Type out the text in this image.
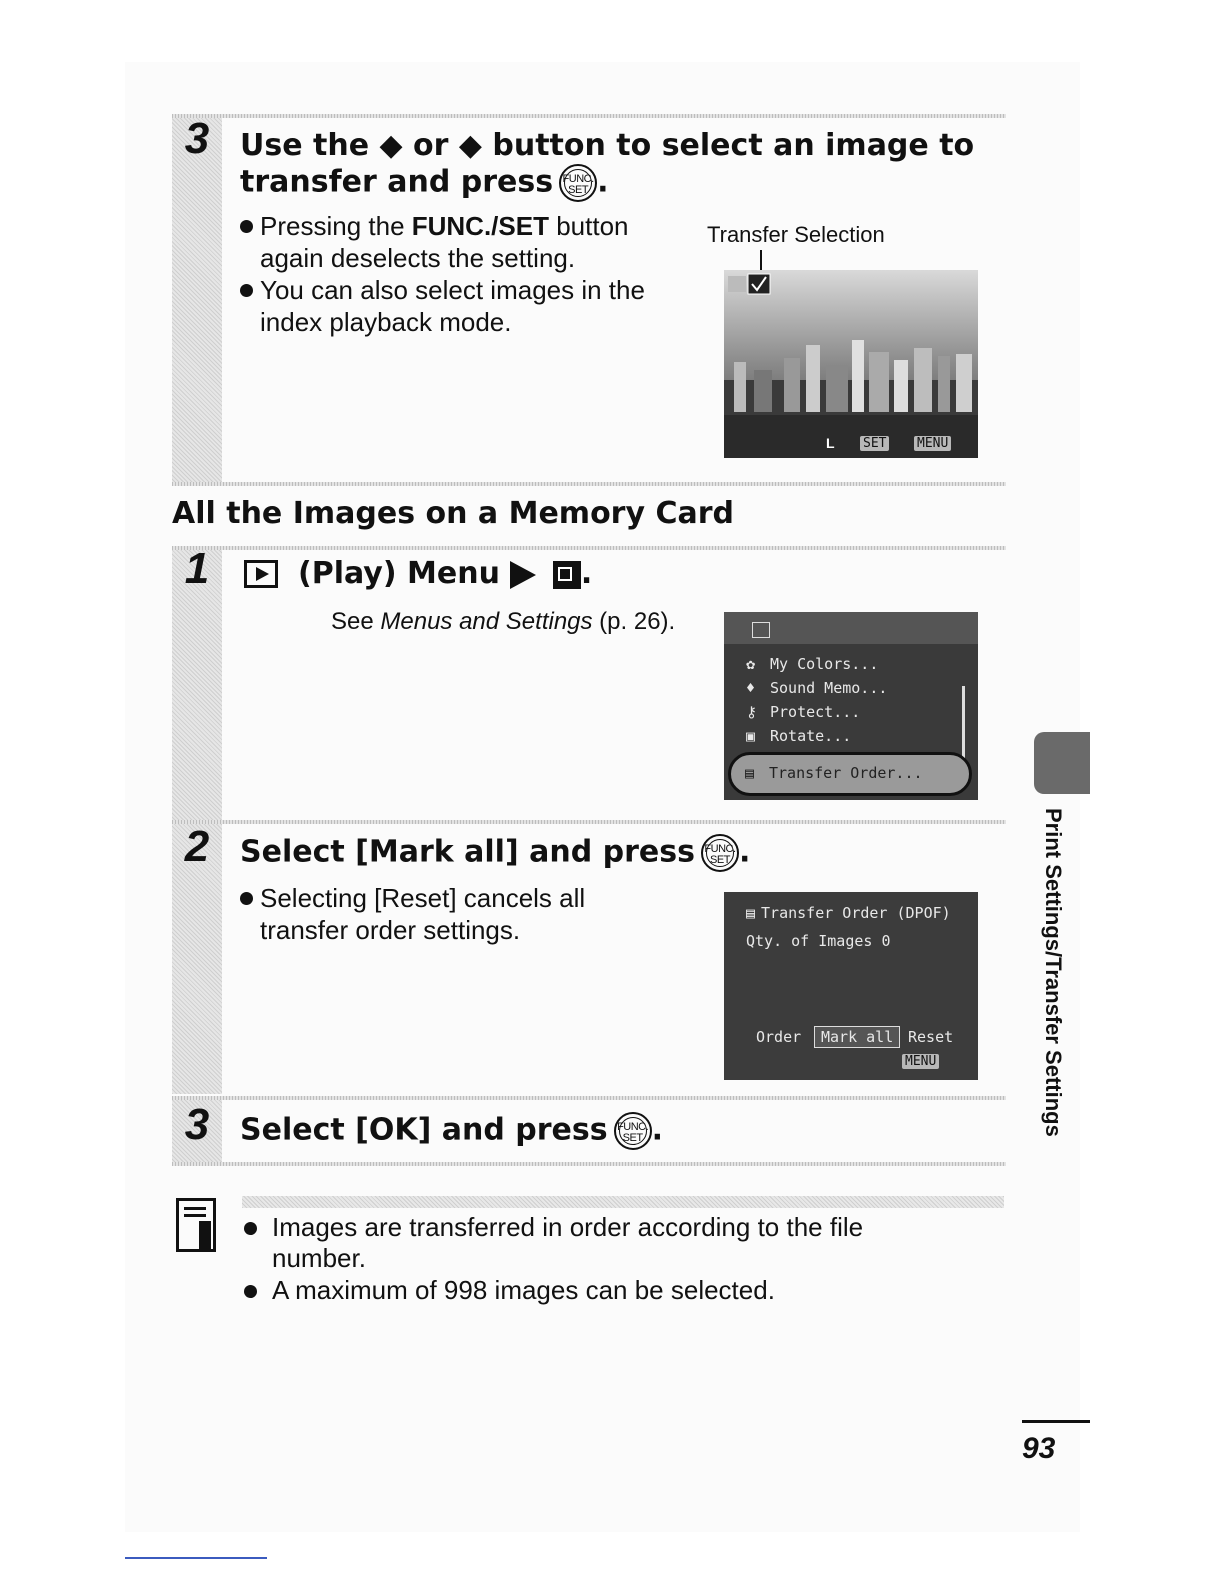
3	Use the ◆ or ◆ button to select an image to
transfer and press FUNC.
SET .
Pressing the FUNC./SET button again deselects the setting.
You can also select images in the index playback mode.
Transfer Selection
L SET MENU
All the Images on a Memory Card
1	(Play) Menu	.
See Menus and Settings (p. 26).
✿ My Colors...
♦ Sound Memo...
⚷ Protect...
▣ Rotate...
▤ Transfer Order...
2	Select [Mark all] and press FUNC.
SET .
Selecting [Reset] cancels all transfer order settings.
▤ Transfer Order (DPOF)
Qty. of Images 0
Order	Mark all Reset
MENU
3	Select [OK] and press FUNC.
SET .
Images are transferred in order according to the file number.
A maximum of 998 images can be selected.
Print Settings/Transfer Settings
93
